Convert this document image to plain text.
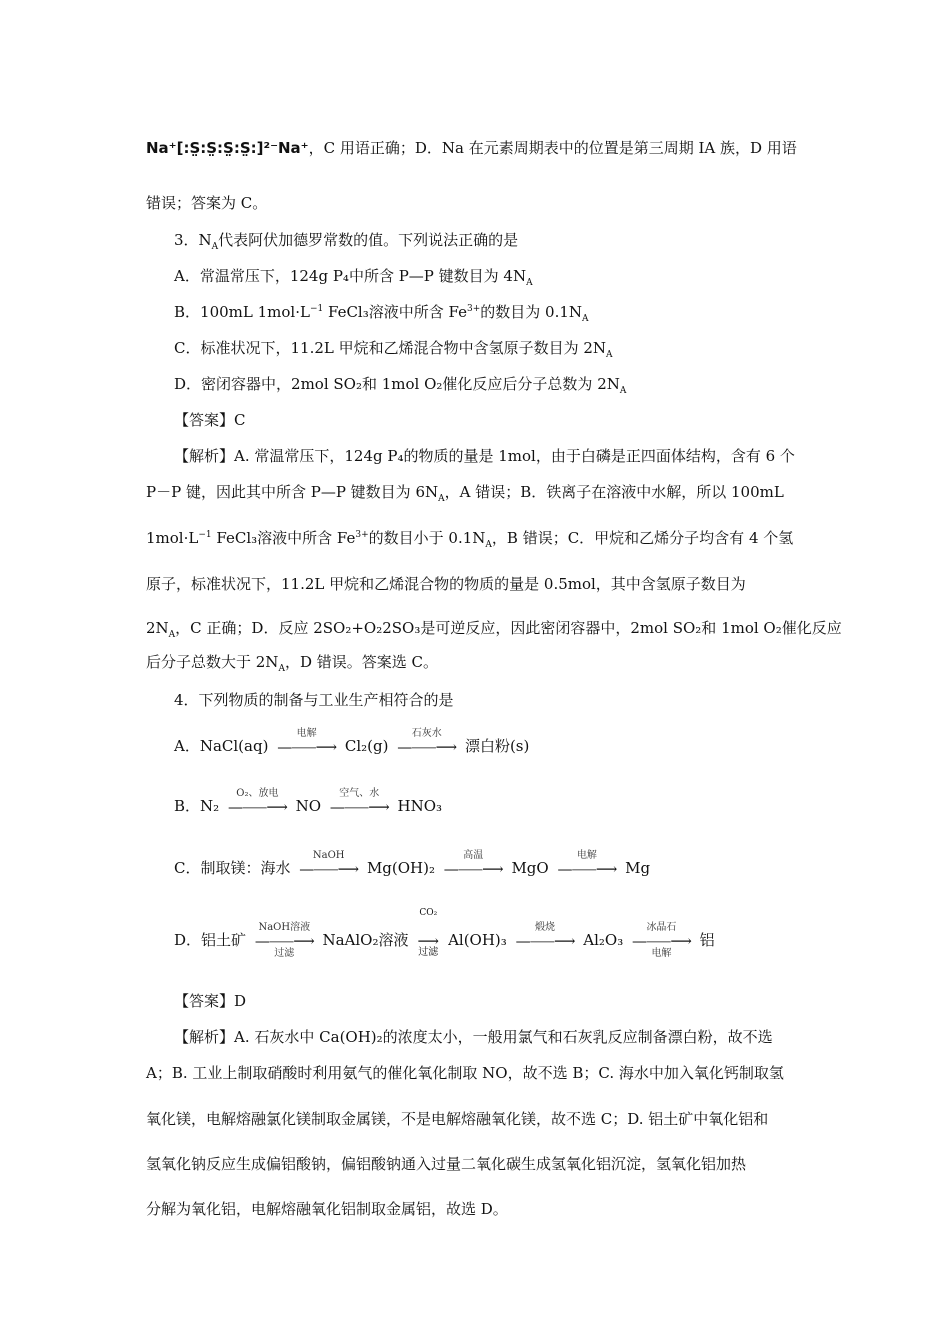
Na⁺[:S̤:S̤:S̤:S̤:]²⁻Na⁺，C 用语正确；D．Na 在元素周期表中的位置是第三周期 IA 族，D 用语
错误；答案为 C。
3．$N_A$代表阿伏加德罗常数的值。下列说法正确的是
A．常温常压下，124g P₄中所含 P—P 键数目为 $4N_A$
B．100mL $1mol\cdot L^{-1}$ FeCl₃溶液中所含 $Fe^{3+}$的数目为 $0.1N_A$
C．标准状况下，11.2L 甲烷和乙烯混合物中含氢原子数目为 $2N_A$
D．密闭容器中，2mol SO₂和 1mol O₂催化反应后分子总数为 $2N_A$
【答案】C
【解析】A. 常温常压下，124g P₄的物质的量是 1mol，由于白磷是正四面体结构，含有 6 个
P－P 键，因此其中所含 P—P 键数目为 $6N_A$，A 错误；B．铁离子在溶液中水解，所以 100mL
$1mol\cdot L^{-1}$ FeCl₃溶液中所含 $Fe^{3+}$的数目小于 $0.1N_A$，B 错误；C．甲烷和乙烯分子均含有 4 个氢
原子，标准状况下，11.2L 甲烷和乙烯混合物的物质的量是 0.5mol，其中含氢原子数目为
$2N_A$，C 正确；D．反应 2SO₂+O₂2SO₃是可逆反应，因此密闭容器中，2mol SO₂和 1mol O₂催化反应
后分子总数大于 $2N_A$，D 错误。答案选 C。
4．下列物质的制备与工业生产相符合的是
A．NaCl(aq)
电解
—⸺⟶ Cl₂(g)
石灰水
—⸺⟶ 漂白粉(s)
B．N₂
O₂、放电
—⸺⟶ NO
空气、水
—⸺⟶ HNO₃
C．制取镁：海水
NaOH
—⸺⟶ Mg(OH)₂
高温
—⸺⟶ MgO
电解
—⸺⟶ Mg
D．铝土矿
NaOH溶液
—⸺⟶
过滤
NaAlO₂溶液
CO₂
⟶
过滤
Al(OH)₃
煅烧
—⸺⟶ Al₂O₃
冰晶石
—⸺⟶
电解
铝
【答案】D
【解析】A. 石灰水中 Ca(OH)₂的浓度太小，一般用氯气和石灰乳反应制备漂白粉，故不选
A；B. 工业上制取硝酸时利用氨气的催化氧化制取 NO，故不选 B；C. 海水中加入氧化钙制取氢
氧化镁，电解熔融氯化镁制取金属镁，不是电解熔融氧化镁，故不选 C；D. 铝土矿中氧化铝和
氢氧化钠反应生成偏铝酸钠，偏铝酸钠通入过量二氧化碳生成氢氧化铝沉淀，氢氧化铝加热
分解为氧化铝，电解熔融氧化铝制取金属铝，故选 D。
